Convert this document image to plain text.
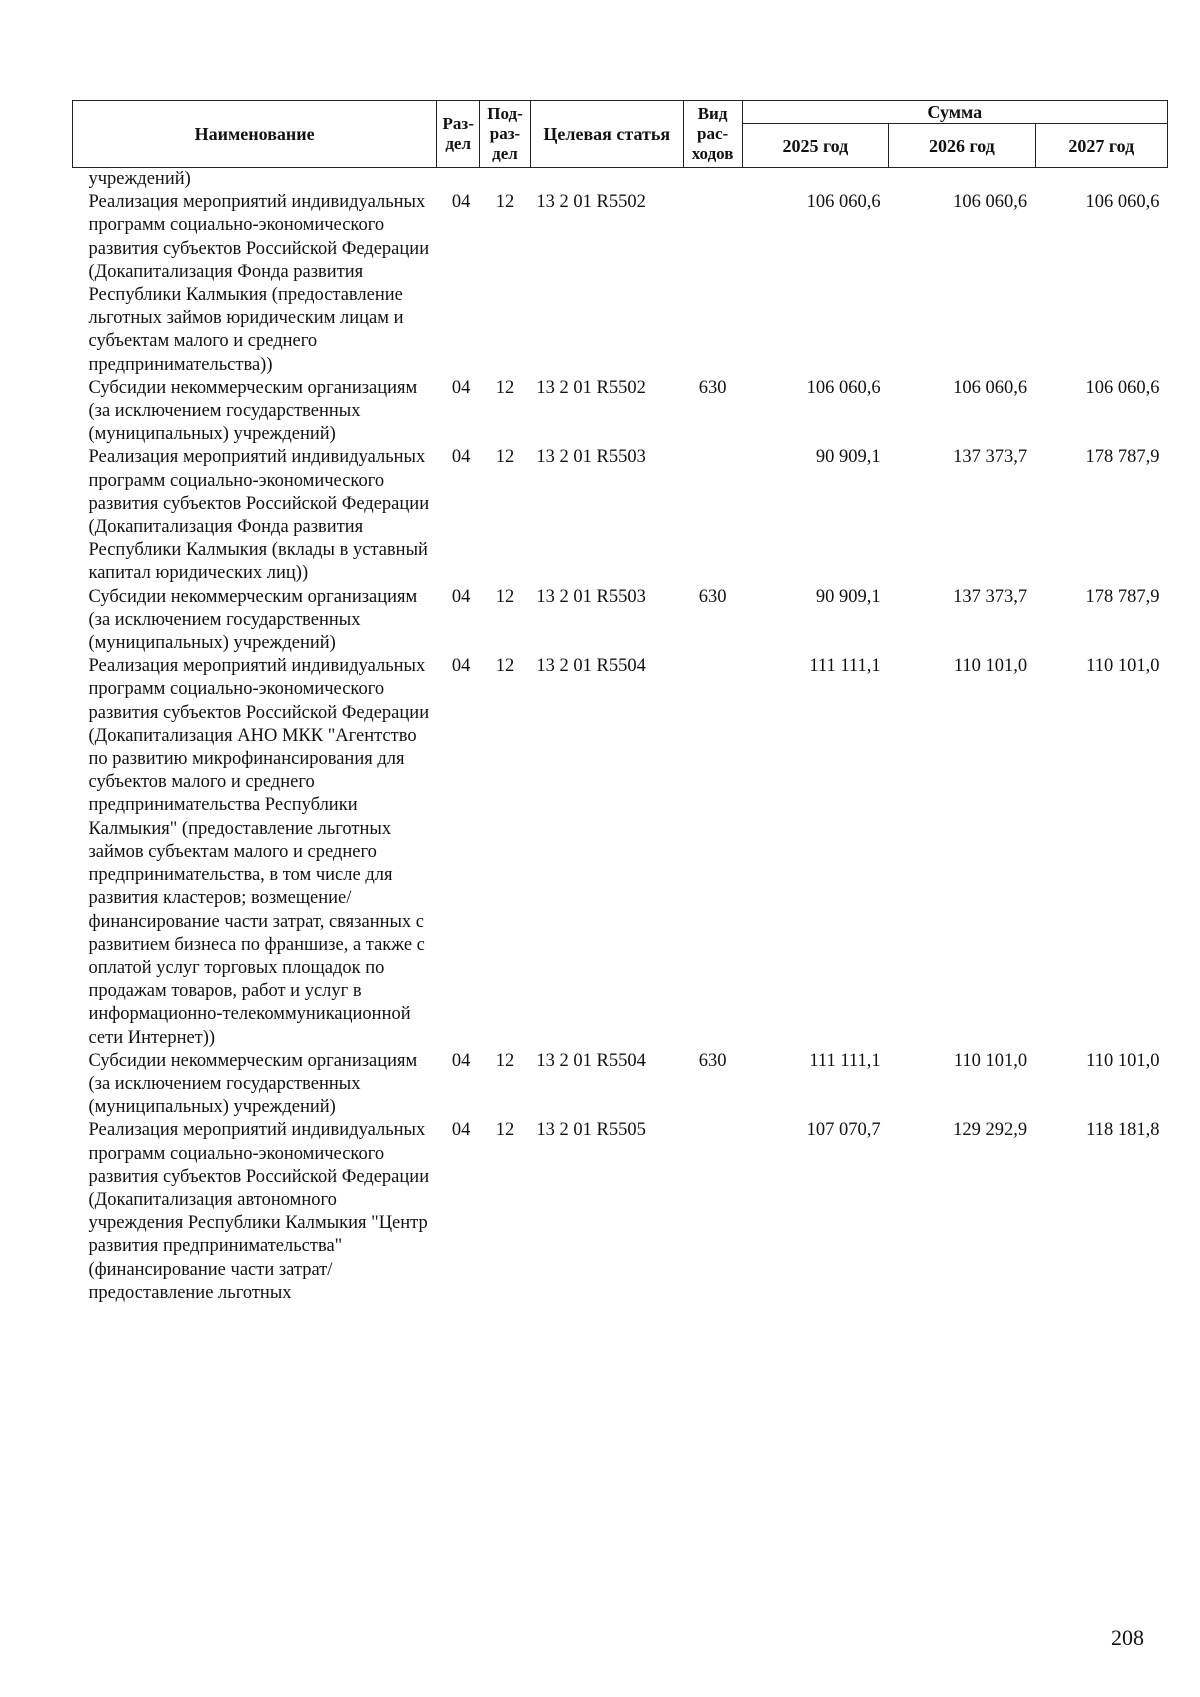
Наименование	Раз-дел	Под-раз-дел	Целевая статья	Вид рас-ходов	Сумма		
					2025 год	2026 год	2027 год
учреждений)							
Реализация мероприятий индивидуальных программ социально-экономического развития субъектов Российской Федерации (Докапитализация Фонда развития Республики Калмыкия (предоставление льготных займов юридическим лицам и субъектам малого и среднего предпринимательства))	04	12	13 2 01 R5502		106 060,6	106 060,6	106 060,6
Субсидии некоммерческим организациям (за исключением государственных (муниципальных) учреждений)	04	12	13 2 01 R5502	630	106 060,6	106 060,6	106 060,6
Реализация мероприятий индивидуальных программ социально-экономического развития субъектов Российской Федерации (Докапитализация Фонда развития Республики Калмыкия (вклады в уставный капитал юридических лиц))	04	12	13 2 01 R5503		90 909,1	137 373,7	178 787,9
Субсидии некоммерческим организациям (за исключением государственных (муниципальных) учреждений)	04	12	13 2 01 R5503	630	90 909,1	137 373,7	178 787,9
Реализация мероприятий индивидуальных программ социально-экономического развития субъектов Российской Федерации (Докапитализация АНО МКК "Агентство по развитию микрофинансирования для субъектов малого и среднего предпринимательства Республики Калмыкия" (предоставление льготных займов субъектам малого и среднего предпринимательства, в том числе для развития кластеров; возмещение/финансирование части затрат, связанных с развитием бизнеса по франшизе, а также с оплатой услуг торговых площадок по продажам товаров, работ и услуг в информационно-телекоммуникационной сети Интернет))	04	12	13 2 01 R5504		111 111,1	110 101,0	110 101,0
Субсидии некоммерческим организациям (за исключением государственных (муниципальных) учреждений)	04	12	13 2 01 R5504	630	111 111,1	110 101,0	110 101,0
Реализация мероприятий индивидуальных программ социально-экономического развития субъектов Российской Федерации (Докапитализация автономного учреждения Республики Калмыкия "Центр развития предпринимательства" (финансирование части затрат/предоставление льготных	04	12	13 2 01 R5505		107 070,7	129 292,9	118 181,8
208
